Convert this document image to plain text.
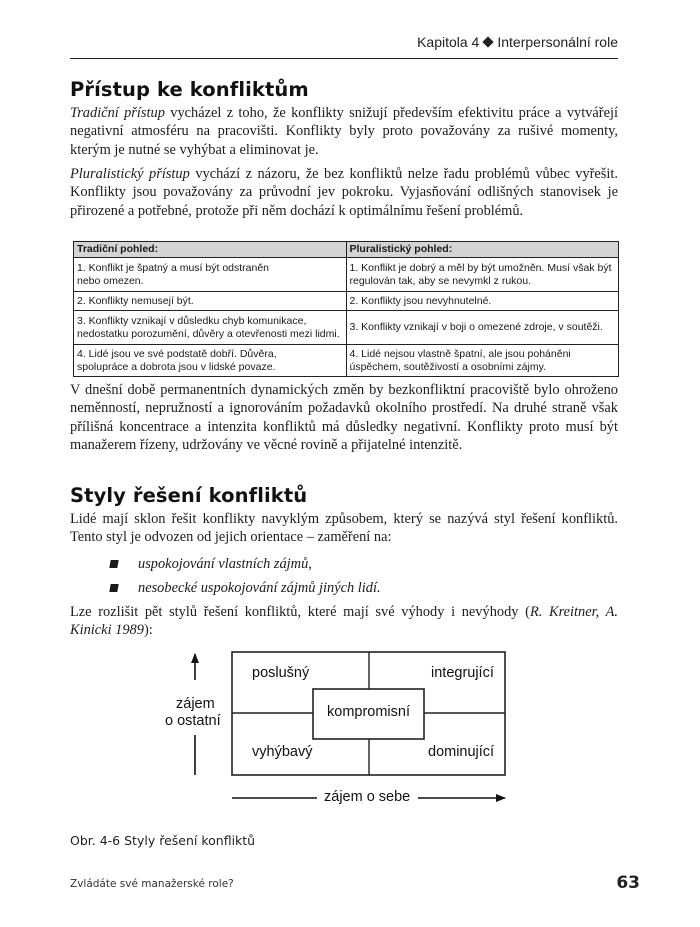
Kapitola 4 Interpersonální role
Přístup ke konfliktům

Tradiční přístup vycházel z toho, že konflikty snižují především efektivitu práce a vytvářejí negativní atmosféru na pracovišti. Konflikty byly proto považovány za rušivé momenty, kterým je nutné se vyhýbat a eliminovat je.

Pluralistický přístup vychází z názoru, že bez konfliktů nelze řadu problémů vůbec vyřešit. Konflikty jsou považovány za průvodní jev pokroku. Vyjasňování odlišných stanovisek je přirozené a potřebné, protože při něm dochází k optimálnímu řešení problémů.

Tradiční pohled:	Pluralistický pohled:
1. Konflikt je špatný a musí být odstraněn nebo omezen.	1. Konflikt je dobrý a měl by být umožněn. Musí však být regulován tak, aby se nevymkl z rukou.
2. Konflikty nemusejí být.	2. Konflikty jsou nevyhnutelné.
3. Konflikty vznikají v důsledku chyb komunikace, nedostatku porozumění, důvěry a otevřenosti mezi lidmi.	3. Konflikty vznikají v boji o omezené zdroje, v soutěži.
4. Lidé jsou ve své podstatě dobří. Důvěra, spolupráce a dobrota jsou v lidské povaze.	4. Lidé nejsou vlastně špatní, ale jsou poháněni úspěchem, soutěživostí a osobními zájmy.

V dnešní době permanentních dynamických změn by bezkonfliktní pracoviště bylo ohroženo neměnností, nepružností a ignorováním požadavků okolního prostředí. Na druhé straně však přílišná koncentrace a intenzita konfliktů má důsledky negativní. Konflikty proto musí být manažerem řízeny, udržovány ve věcné rovině a přijatelné intenzitě.

Styly řešení konfliktů

Lidé mají sklon řešit konflikty navyklým způsobem, který se nazývá styl řešení konfliktů. Tento styl je odvozen od jejich orientace – zaměření na:

uspokojování vlastních zájmů,
nesobecké uspokojování zájmů jiných lidí.

Lze rozlišit pět stylů řešení konfliktů, které mají své výhody i nevýhody (R. Kreitner, A. Kinicki 1989):

poslušný	integrující
vyhýbavý	dominující
kompromisní
zájem
o ostatní
zájem o sebe
Obr. 4-6 Styly řešení konfliktů
Zvládáte své manažerské role?	63
